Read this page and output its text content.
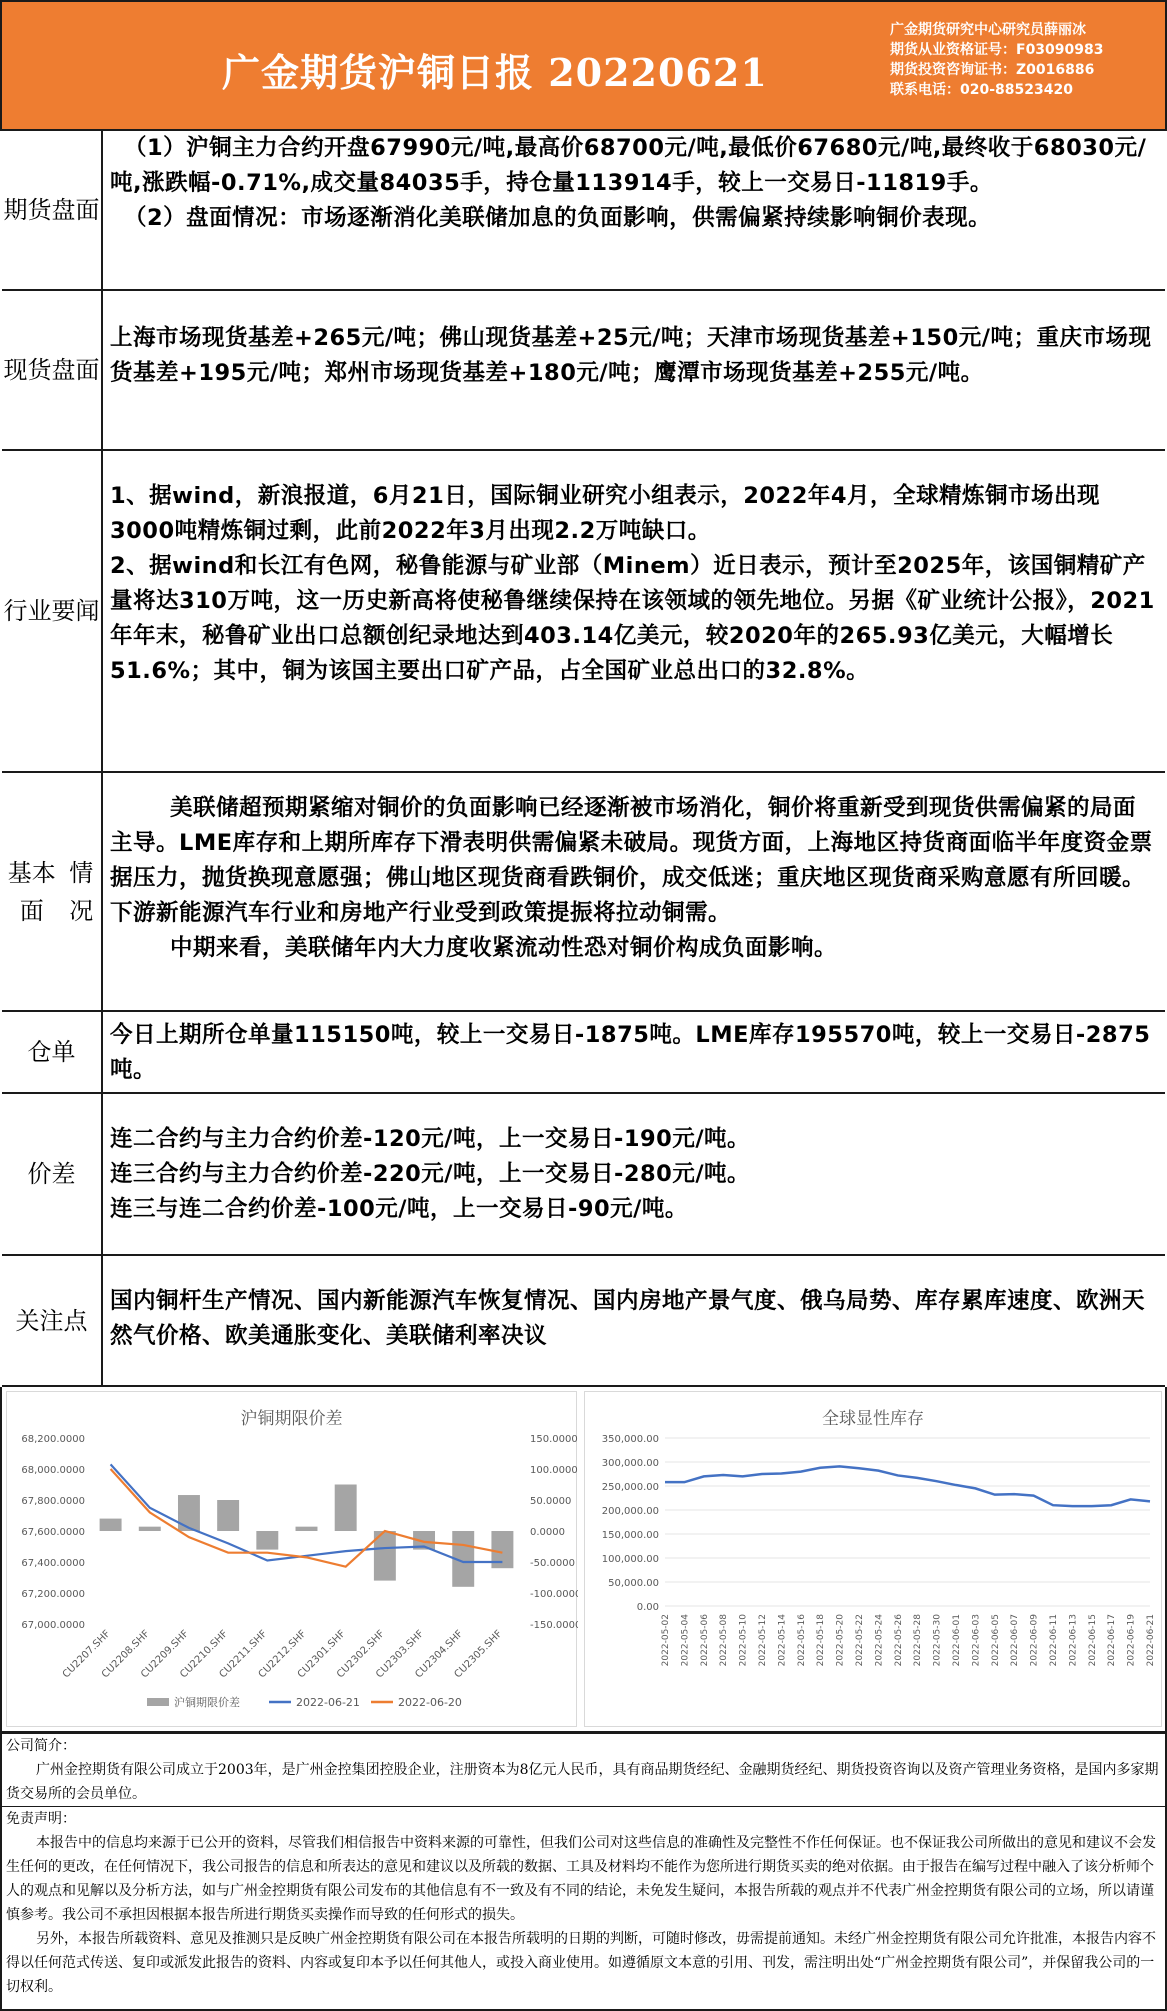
广金期货沪铜日报 20220621
广金期货研究中心研究员薛丽冰
期货从业资格证号：F03090983
期货投资咨询证书：Z0016886
联系电话：020-88523420
期货 盘面
（1）沪铜主力合约开盘67990元/吨,最高价68700元/吨,最低价67680元/吨,最终收于68030元/吨,涨跌幅-0.71%,成交量84035手，持仓量113914手，较上一交易日-11819手。
（2）盘面情况：市场逐渐消化美联储加息的负面影响，供需偏紧持续影响铜价表现。
现货 盘面
上海市场现货基差+265元/吨；佛山现货基差+25元/吨；天津市场现货基差+150元/吨；重庆市场现货基差+195元/吨；郑州市场现货基差+180元/吨；鹰潭市场现货基差+255元/吨。
行业 要闻
1、据wind，新浪报道，6月21日，国际铜业研究小组表示，2022年4月，全球精炼铜市场出现3000吨精炼铜过剩，此前2022年3月出现2.2万吨缺口。
2、据wind和长江有色网，秘鲁能源与矿业部（Minem）近日表示，预计至2025年，该国铜精矿产量将达310万吨，这一历史新高将使秘鲁继续保持在该领域的领先地位。另据《矿业统计公报》，2021年年末，秘鲁矿业出口总额创纪录地达到403.14亿美元，较2020年的265.93亿美元，大幅增长51.6%；其中，铜为该国主要出口矿产品，占全国矿业总出口的32.8%。
基本面
情况
美联储超预期紧缩对铜价的负面影响已经逐渐被市场消化，铜价将重新受到现货供需偏紧的局面主导。LME库存和上期所库存下滑表明供需偏紧未破局。现货方面，上海地区持货商面临半年度资金票据压力，抛货换现意愿强；佛山地区现货商看跌铜价，成交低迷；重庆地区现货商采购意愿有所回暖。下游新能源汽车行业和房地产行业受到政策提振将拉动铜需。
中期来看，美联储年内大力度收紧流动性恐对铜价构成负面影响。
仓单
今日上期所仓单量115150吨，较上一交易日-1875吨。LME库存195570吨，较上一交易日-2875吨。
价差
连二合约与主力合约价差-120元/吨，上一交易日-190元/吨。
连三合约与主力合约价差-220元/吨，上一交易日-280元/吨。
连三与连二合约价差-100元/吨，上一交易日-90元/吨。
关注点
国内铜杆生产情况、国内新能源汽车恢复情况、国内房地产景气度、俄乌局势、库存累库速度、欧洲天然气价格、欧美通胀变化、美联储利率决议
沪铜期限价差
67,000.0000
67,200.0000
67,400.0000
67,600.0000
67,800.0000
68,000.0000
68,200.0000
-150.0000
-100.0000
-50.0000
0.0000
50.0000
100.0000
150.0000
CU2207.SHF
CU2208.SHF
CU2209.SHF
CU2210.SHF
CU2211.SHF
CU2212.SHF
CU2301.SHF
CU2302.SHF
CU2303.SHF
CU2304.SHF
CU2305.SHF
沪铜期限价差	2022-06-21	2022-06-20
全球显性库存
0.00
50,000.00
100,000.00
150,000.00
200,000.00
250,000.00
300,000.00
350,000.00
2022-05-02 2022-05-04 2022-05-06 2022-05-08 2022-05-10 2022-05-12 2022-05-14 2022-05-16 2022-05-18 2022-05-20 2022-05-22 2022-05-24 2022-05-26 2022-05-28 2022-05-30 2022-06-01 2022-06-03 2022-06-05 2022-06-07 2022-06-09 2022-06-11 2022-06-13 2022-06-15 2022-06-17 2022-06-19 2022-06-21
公司简介：
广州金控期货有限公司成立于2003年，是广州金控集团控股企业，注册资本为8亿元人民币，具有商品期货经纪、金融期货经纪、期货投资咨询以及资产管理业务资格，是国内多家期货交易所的会员单位。
免责声明：
本报告中的信息均来源于已公开的资料，尽管我们相信报告中资料来源的可靠性，但我们公司对这些信息的准确性及完整性不作任何保证。也不保证我公司所做出的意见和建议不会发生任何的更改，在任何情况下，我公司报告的信息和所表达的意见和建议以及所载的数据、工具及材料均不能作为您所进行期货买卖的绝对依据。由于报告在编写过程中融入了该分析师个人的观点和见解以及分析方法，如与广州金控期货有限公司发布的其他信息有不一致及有不同的结论，未免发生疑问，本报告所载的观点并不代表广州金控期货有限公司的立场，所以请谨慎参考。我公司不承担因根据本报告所进行期货买卖操作而导致的任何形式的损失。
另外，本报告所载资料、意见及推测只是反映广州金控期货有限公司在本报告所载明的日期的判断，可随时修改，毋需提前通知。未经广州金控期货有限公司允许批准，本报告内容不得以任何范式传送、复印或派发此报告的资料、内容或复印本予以任何其他人，或投入商业使用。如遵循原文本意的引用、刊发，需注明出处“广州金控期货有限公司”，并保留我公司的一切权利。
